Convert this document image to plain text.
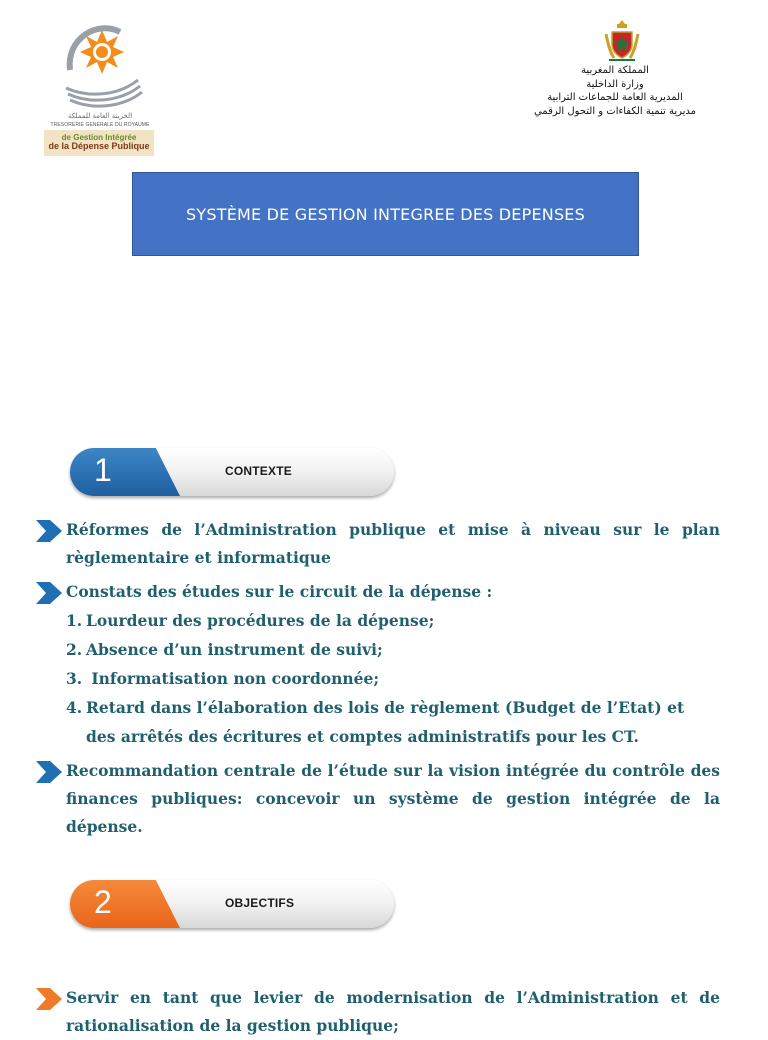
الخزينة العامة للمملكة
TRESORERIE GENERALE DU ROYAUME
de Gestion Intégrée
de la Dépense Publique
المملكة المغربية
وزارة الداخلية
المديرية العامة للجماعات الترابية
مديرية تنمية الكفاءات و التحول الرقمي
SYSTÈME DE GESTION INTEGREE DES DEPENSES
1	CONTEXTE
Réformes de l’Administration publique et mise à niveau sur le plan règlementaire et informatique
Constats des études sur le circuit de la dépense :
1. Lourdeur des procédures de la dépense;
2. Absence d’un instrument de suivi;
3. Informatisation non coordonnée;
4. Retard dans l’élaboration des lois de règlement (Budget de l’Etat) et
des arrêtés des écritures et comptes administratifs pour les CT.
Recommandation centrale de l’étude sur la vision intégrée du contrôle des finances publiques: concevoir un système de gestion intégrée de la dépense.
2	OBJECTIFS
Servir en tant que levier de modernisation de l’Administration et de rationalisation de la gestion publique;
